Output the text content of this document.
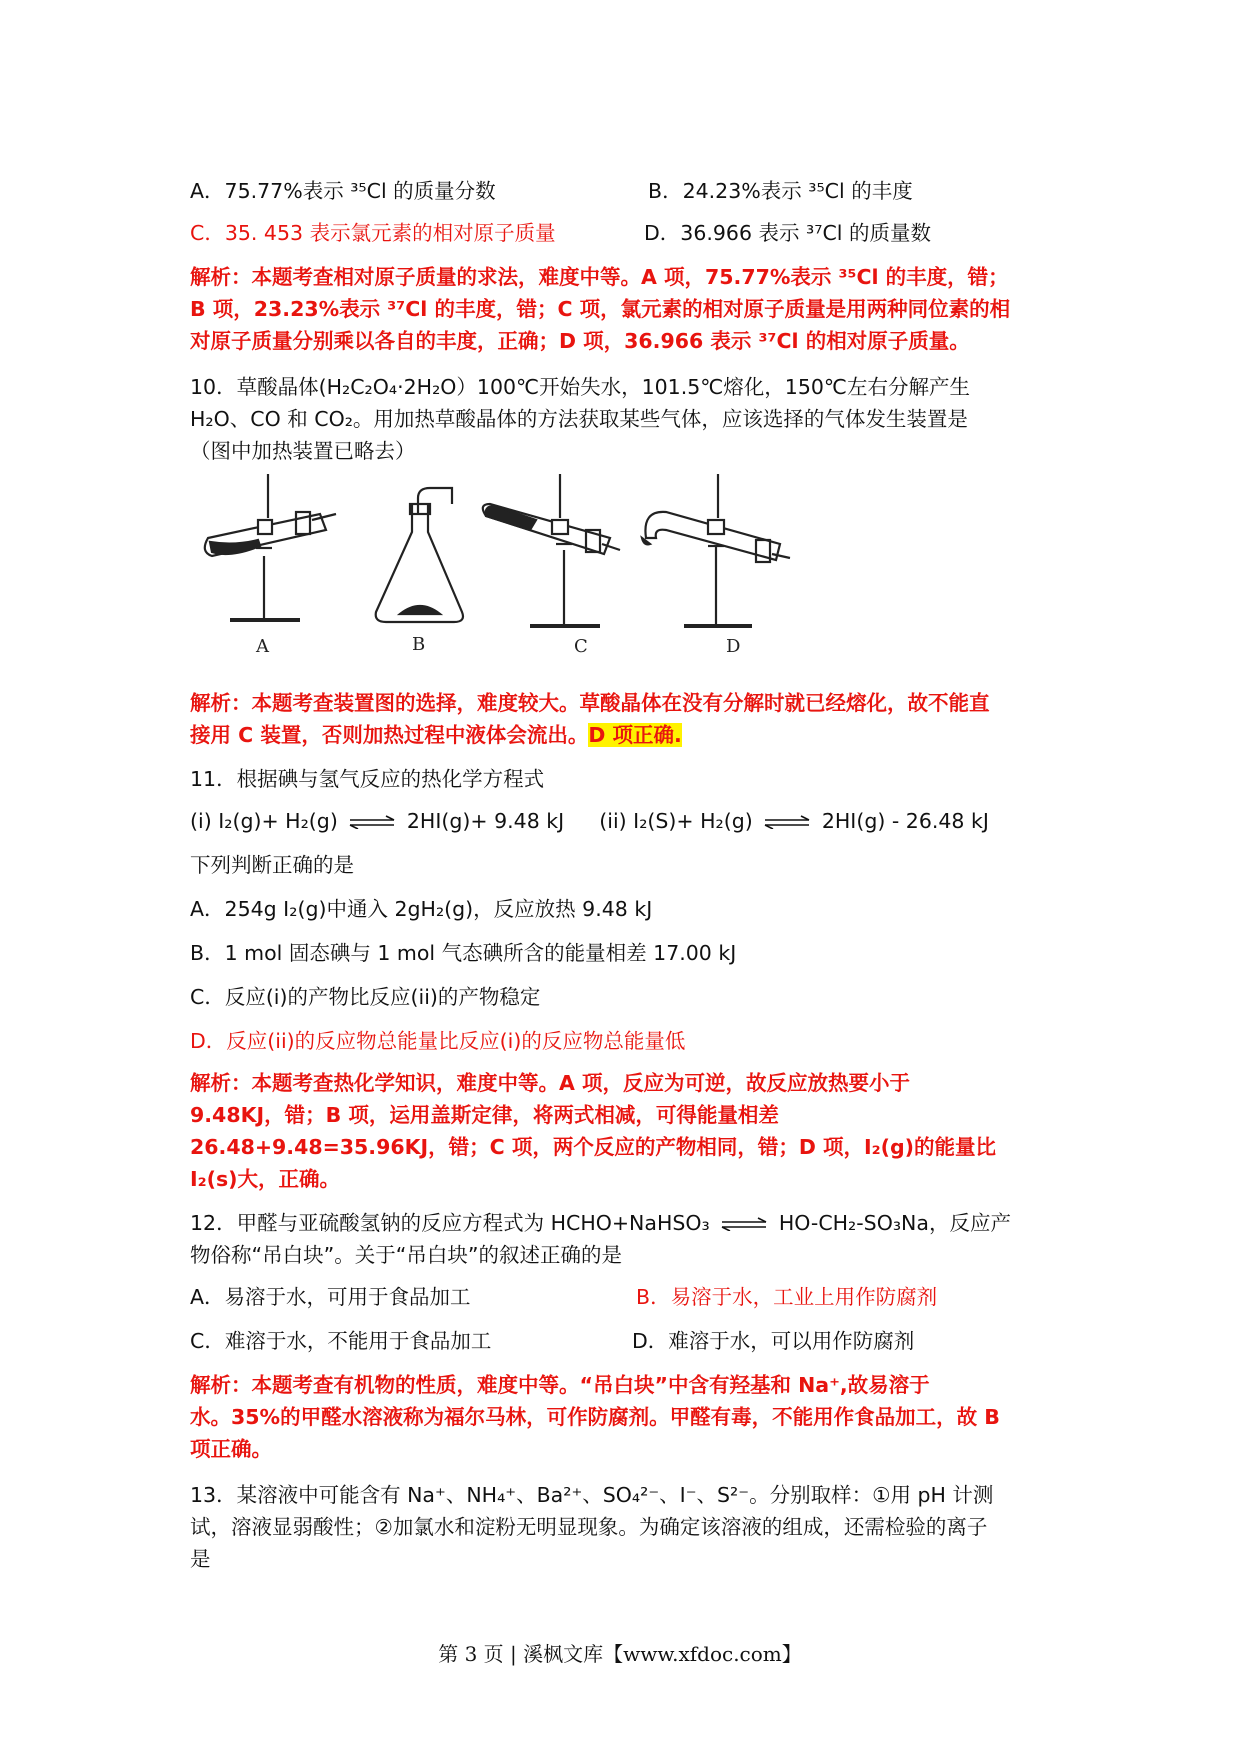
A．75.77%表示 ³⁵Cl 的质量分数	B．24.23%表示 ³⁵Cl 的丰度
C．35. 453 表示氯元素的相对原子质量	D．36.966 表示 ³⁷Cl 的质量数
解析：本题考查相对原子质量的求法，难度中等。A 项，75.77%表示 ³⁵Cl 的丰度，错；
B 项，23.23%表示 ³⁷Cl 的丰度，错；C 项，氯元素的相对原子质量是用两种同位素的相
对原子质量分别乘以各自的丰度，正确；D 项，36.966 表示 ³⁷Cl 的相对原子质量。
10．草酸晶体(H₂C₂O₄·2H₂O）100℃开始失水，101.5℃熔化，150℃左右分解产生
H₂O、CO 和 CO₂。用加热草酸晶体的方法获取某些气体，应该选择的气体发生装置是
（图中加热装置已略去）
A	B	C	D
解析：本题考查装置图的选择，难度较大。草酸晶体在没有分解时就已经熔化，故不能直
接用 C 装置，否则加热过程中液体会流出。D 项正确.
11．根据碘与氢气反应的热化学方程式
(i) I₂(g)+ H₂(g) ⇌ 2HI(g)+ 9.48 kJ (ii) I₂(S)+ H₂(g) ⇌ 2HI(g) - 26.48 kJ
下列判断正确的是
A．254g I₂(g)中通入 2gH₂(g)，反应放热 9.48 kJ
B．1 mol 固态碘与 1 mol 气态碘所含的能量相差 17.00 kJ
C．反应(i)的产物比反应(ii)的产物稳定
D．反应(ii)的反应物总能量比反应(i)的反应物总能量低
解析：本题考查热化学知识，难度中等。A 项，反应为可逆，故反应放热要小于
9.48KJ，错；B 项，运用盖斯定律，将两式相减，可得能量相差
26.48+9.48=35.96KJ，错；C 项，两个反应的产物相同，错；D 项，I₂(g)的能量比
I₂(s)大，正确。
12．甲醛与亚硫酸氢钠的反应方程式为 HCHO+NaHSO₃ ⇌ HO-CH₂-SO₃Na，反应产
物俗称“吊白块”。关于“吊白块”的叙述正确的是
A．易溶于水，可用于食品加工	B．易溶于水，工业上用作防腐剂
C．难溶于水，不能用于食品加工	D．难溶于水，可以用作防腐剂
解析：本题考查有机物的性质，难度中等。“吊白块”中含有羟基和 Na⁺,故易溶于
水。35%的甲醛水溶液称为福尔马林，可作防腐剂。甲醛有毒，不能用作食品加工，故 B
项正确。
13．某溶液中可能含有 Na⁺、NH₄⁺、Ba²⁺、SO₄²⁻、I⁻、S²⁻。分别取样：①用 pH 计测
试，溶液显弱酸性；②加氯水和淀粉无明显现象。为确定该溶液的组成，还需检验的离子
是
第 3 页 | 溪枫文库【www.xfdoc.com】
